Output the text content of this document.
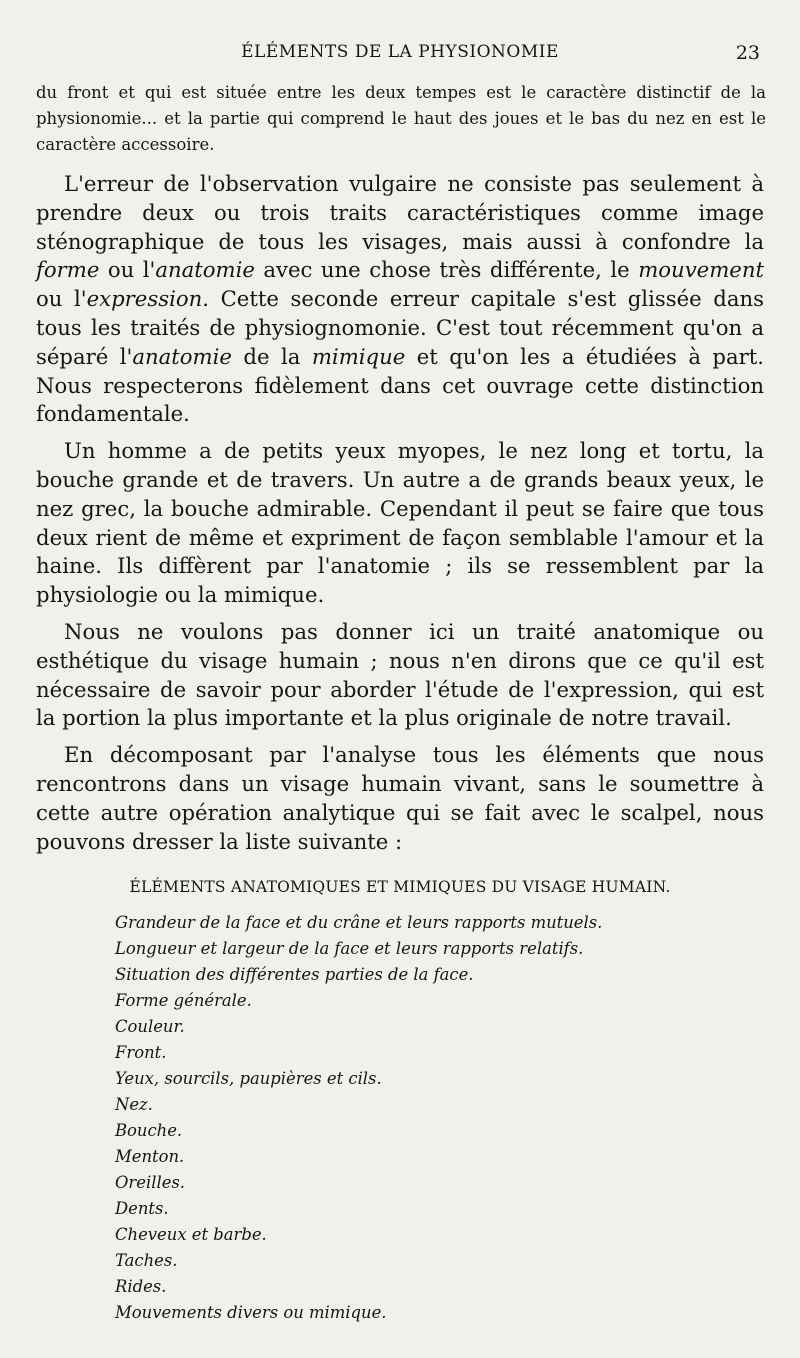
ÉLÉMENTS DE LA PHYSIONOMIE	23
du front et qui est située entre les deux tempes est le caractère distinctif de la physionomie... et la partie qui comprend le haut des joues et le bas du nez en est le caractère accessoire.

L'erreur de l'observation vulgaire ne consiste pas seulement à prendre deux ou trois traits caractéristiques comme image sténographique de tous les visages, mais aussi à confondre la forme ou l'anatomie avec une chose très différente, le mouvement ou l'expression. Cette seconde erreur capitale s'est glissée dans tous les traités de physiognomonie. C'est tout récemment qu'on a séparé l'anatomie de la mimique et qu'on les a étudiées à part. Nous respecterons fidèlement dans cet ouvrage cette distinction fondamentale.

Un homme a de petits yeux myopes, le nez long et tortu, la bouche grande et de travers. Un autre a de grands beaux yeux, le nez grec, la bouche admirable. Cependant il peut se faire que tous deux rient de même et expriment de façon semblable l'amour et la haine. Ils diffèrent par l'anatomie ; ils se ressemblent par la physiologie ou la mimique.

Nous ne voulons pas donner ici un traité anatomique ou esthétique du visage humain ; nous n'en dirons que ce qu'il est nécessaire de savoir pour aborder l'étude de l'expression, qui est la portion la plus importante et la plus originale de notre travail.

En décomposant par l'analyse tous les éléments que nous rencontrons dans un visage humain vivant, sans le soumettre à cette autre opération analytique qui se fait avec le scalpel, nous pouvons dresser la liste suivante :

ÉLÉMENTS ANATOMIQUES ET MIMIQUES DU VISAGE HUMAIN.
Grandeur de la face et du crâne et leurs rapports mutuels.
Longueur et largeur de la face et leurs rapports relatifs.
Situation des différentes parties de la face.
Forme générale.
Couleur.
Front.
Yeux, sourcils, paupières et cils.
Nez.
Bouche.
Menton.
Oreilles.
Dents.
Cheveux et barbe.
Taches.
Rides.
Mouvements divers ou mimique.
